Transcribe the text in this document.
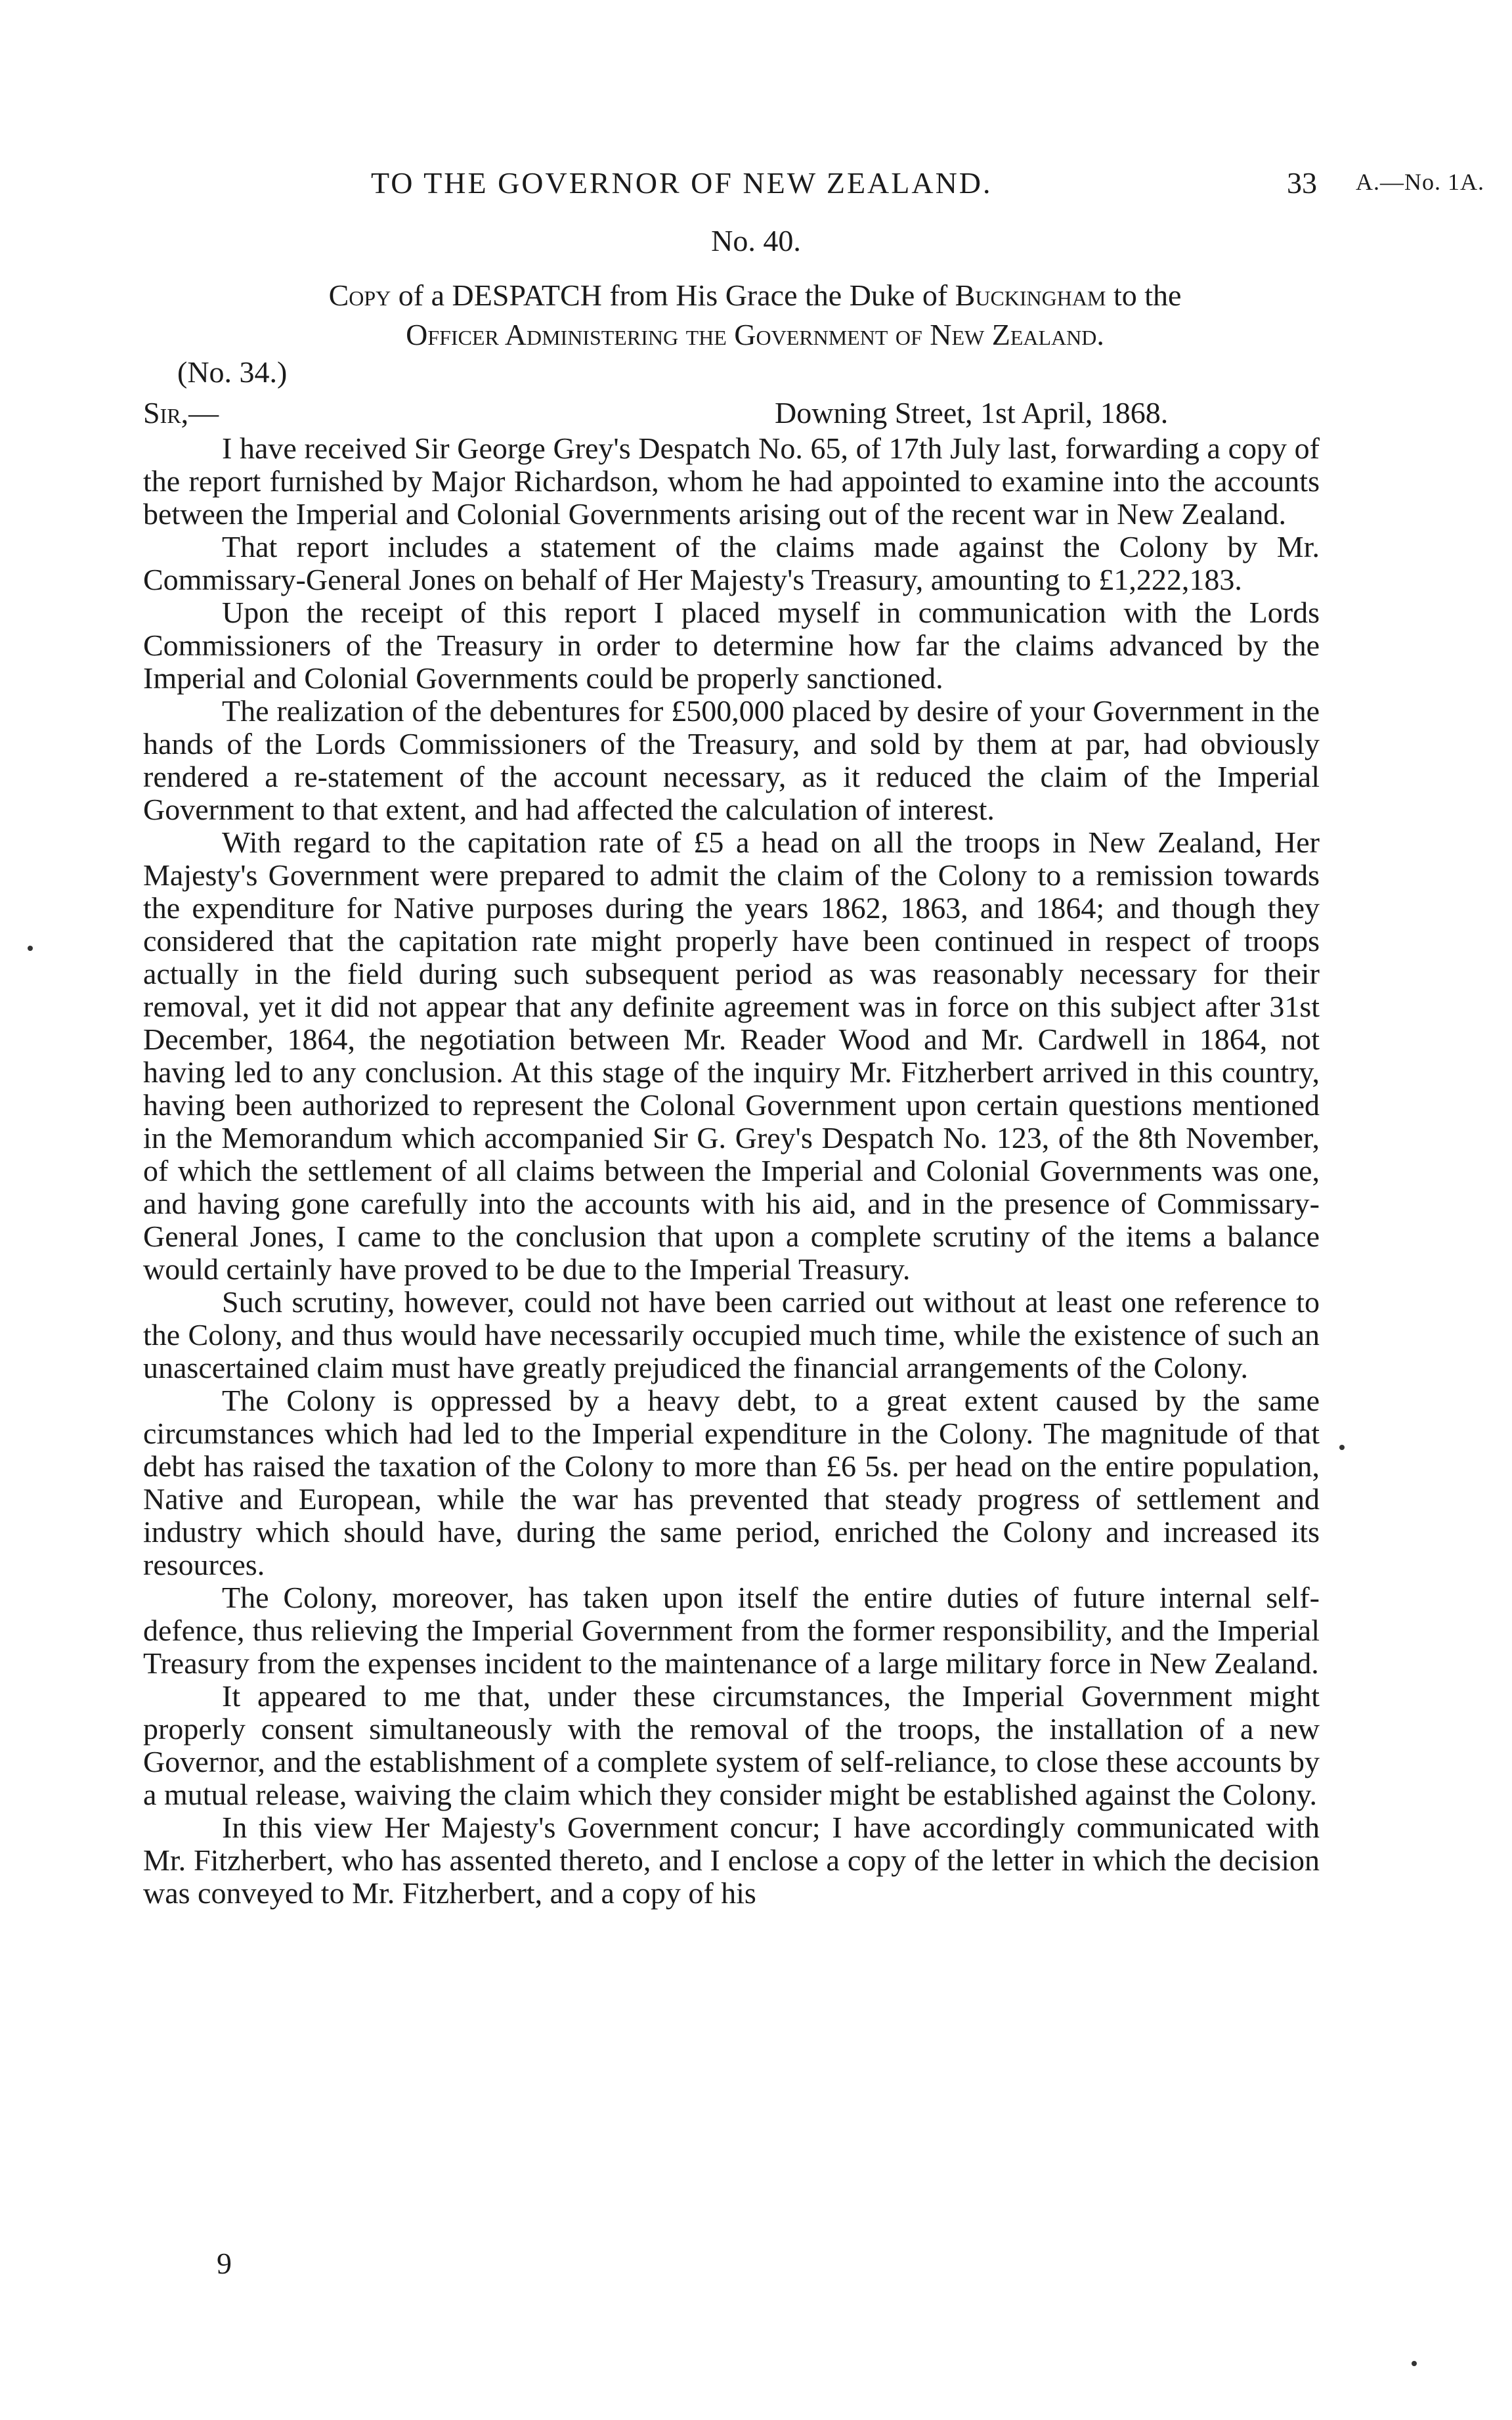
TO THE GOVERNOR OF NEW ZEALAND.	33 A.—No. 1A.
No. 40.
Copy of a DESPATCH from His Grace the Duke of Buckingham to the
Officer Administering the Government of New Zealand.
(No. 34.)
Sir,—	Downing Street, 1st April, 1868.

I have received Sir George Grey's Despatch No. 65, of 17th July last, forwarding a copy of the report furnished by Major Richardson, whom he had appointed to examine into the accounts between the Imperial and Colonial Governments arising out of the recent war in New Zealand.

That report includes a statement of the claims made against the Colony by Mr. Commissary-General Jones on behalf of Her Majesty's Treasury, amounting to £1,222,183.

Upon the receipt of this report I placed myself in communication with the Lords Commissioners of the Treasury in order to determine how far the claims advanced by the Imperial and Colonial Governments could be properly sanctioned.

The realization of the debentures for £500,000 placed by desire of your Government in the hands of the Lords Commissioners of the Treasury, and sold by them at par, had obviously rendered a re-statement of the account necessary, as it reduced the claim of the Imperial Government to that extent, and had affected the calculation of interest.

With regard to the capitation rate of £5 a head on all the troops in New Zealand, Her Majesty's Government were prepared to admit the claim of the Colony to a remission towards the expenditure for Native purposes during the years 1862, 1863, and 1864; and though they considered that the capitation rate might properly have been continued in respect of troops actually in the field during such subsequent period as was reasonably necessary for their removal, yet it did not appear that any definite agreement was in force on this subject after 31st December, 1864, the negotiation between Mr. Reader Wood and Mr. Cardwell in 1864, not having led to any conclusion. At this stage of the inquiry Mr. Fitzherbert arrived in this country, having been authorized to represent the Colonal Government upon certain questions mentioned in the Memorandum which accompanied Sir G. Grey's Despatch No. 123, of the 8th November, of which the settlement of all claims between the Imperial and Colonial Governments was one, and having gone carefully into the accounts with his aid, and in the presence of Commissary-General Jones, I came to the conclusion that upon a complete scrutiny of the items a balance would certainly have proved to be due to the Imperial Treasury.

Such scrutiny, however, could not have been carried out without at least one reference to the Colony, and thus would have necessarily occupied much time, while the existence of such an unascertained claim must have greatly prejudiced the financial arrangements of the Colony.

The Colony is oppressed by a heavy debt, to a great extent caused by the same circumstances which had led to the Imperial expenditure in the Colony. The magnitude of that debt has raised the taxation of the Colony to more than £6 5s. per head on the entire population, Native and European, while the war has prevented that steady progress of settlement and industry which should have, during the same period, enriched the Colony and increased its resources.

The Colony, moreover, has taken upon itself the entire duties of future internal self-defence, thus relieving the Imperial Government from the former responsibility, and the Imperial Treasury from the expenses incident to the maintenance of a large military force in New Zealand.

It appeared to me that, under these circumstances, the Imperial Government might properly consent simultaneously with the removal of the troops, the installation of a new Governor, and the establishment of a complete system of self-reliance, to close these accounts by a mutual release, waiving the claim which they consider might be established against the Colony.

In this view Her Majesty's Government concur; I have accordingly communicated with Mr. Fitzherbert, who has assented thereto, and I enclose a copy of the letter in which the decision was conveyed to Mr. Fitzherbert, and a copy of his

9
